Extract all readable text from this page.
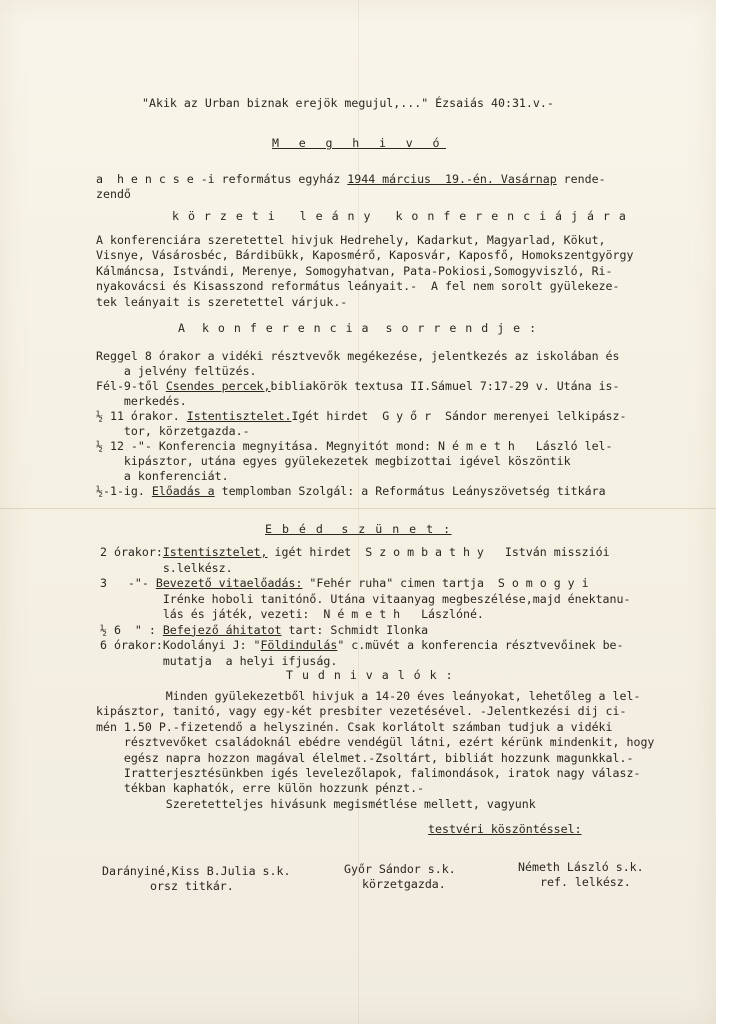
"Akik az Urban biznak erejök megujul,..." Ézsaiás 40:31.v.-
M e g h i v ó
a  h e n c s e -i református egyház 1944 március  19.-én. Vasárnap rende-
zendő
k ö r z e t i   l e á n y   k o n f e r e n c i á j á r a
A konferenciára szeretettel hivjuk Hedrehely, Kadarkut, Magyarlad, Kökut,
Visnye, Vásárosbéc, Bárdibükk, Kaposmérő, Kaposvár, Kaposfő, Homokszentgyörgy
Kálmáncsa, Istvándi, Merenye, Somogyhatvan, Pata-Pokiosi,Somogyviszló, Ri-
nyakovácsi és Kisasszond református leányait.-  A fel nem sorolt gyülekeze-
tek leányait is szeretettel várjuk.-
A  k o n f e r e n c i a  s o r r e n d j e :
Reggel 8 órakor a vidéki résztvevők megékezése, jelentkezés az iskolában és
a jelvény feltüzés.
Fél-9-től Csendes percek,bibliakörök textusa II.Sámuel 7:17-29 v. Utána is-
merkedés.
½ 11 órakor. Istentisztelet.Igét hirdet  G y ő r  Sándor merenyei lelkipász-
tor, körzetgazda.-
½ 12 -"- Konferencia megnyitása. Megnyitót mond: N é m e t h   László lel-
kipásztor, utána egyes gyülekezetek megbizottai igével köszöntik
a konferenciát.
½-1-ig. Előadás a templomban Szolgál: a Református Leányszövetség titkára
E b é d  s z ü n e t :
2 órakor:Istentisztelet, igét hirdet  S z o m b a t h y   István missziói
s.lelkész.
3   -"- Bevezető vitaelőadás: "Fehér ruha" cimen tartja  S o m o g y i
Irénke hoboli tanitónő. Utána vitaanyag megbeszélése,majd énektanu-
lás és játék, vezeti:  N é m e t h   Lászlóné.
½ 6  " : Befejező áhitatot tart: Schmidt Ilonka
6 órakor:Kodolányi J: "Földindulás" c.müvét a konferencia résztvevőinek be-
mutatja  a helyi ifjuság.
T u d n i v a l ó k :
Minden gyülekezetből hivjuk a 14-20 éves leányokat, lehetőleg a lel-
kipásztor, tanitó, vagy egy-két presbiter vezetésével. -Jelentkezési dij ci-
mén 1.50 P.-fizetendő a helyszinén. Csak korlátolt számban tudjuk a vidéki
résztvevőket családoknál ebédre vendégül látni, ezért kérünk mindenkit, hogy
egész napra hozzon magával élelmet.-Zsoltárt, bibliát hozzunk magunkkal.-
Iratterjesztésünkben igés levelezőlapok, falimondások, iratok nagy válasz-
tékban kaphatók, erre külön hozzunk pénzt.-
Szeretetteljes hivásunk megismétlése mellett, vagyunk
testvéri köszöntéssel:
Darányiné,Kiss B.Julia s.k.
orsz titkár.
Győr Sándor s.k.
körzetgazda.
Németh László s.k.
ref. lelkész.
